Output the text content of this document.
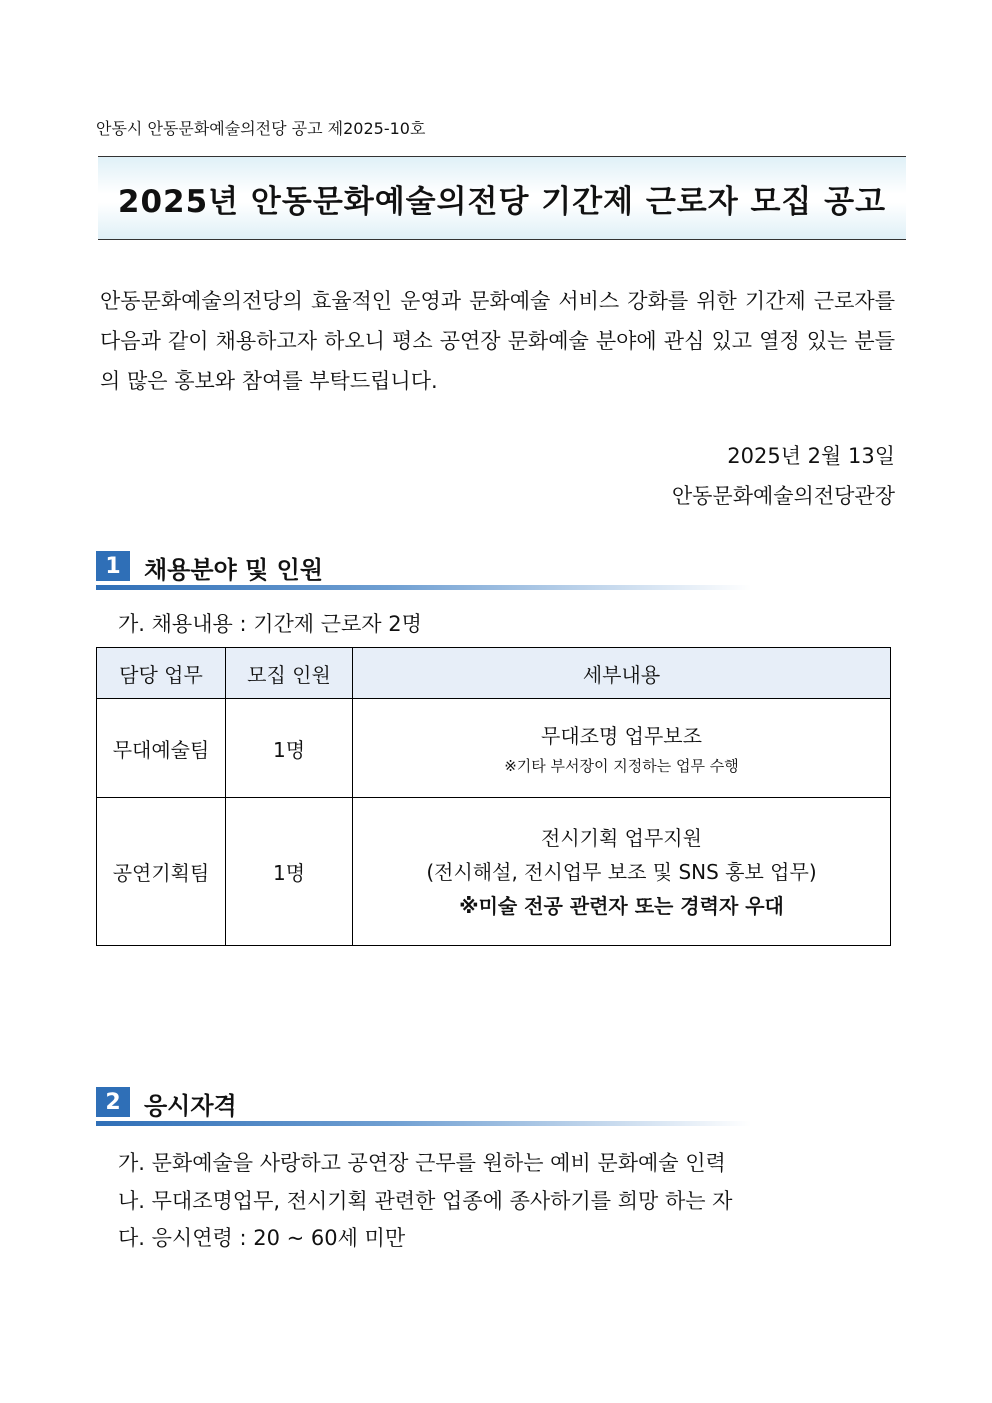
안동시 안동문화예술의전당 공고 제2025-10호
2025년 안동문화예술의전당 기간제 근로자 모집 공고
안동문화예술의전당의 효율적인 운영과 문화예술 서비스 강화를 위한 기간제 근로자를 다음과 같이 채용하고자 하오니 평소 공연장 문화예술 분야에 관심 있고 열정 있는 분들의 많은 홍보와 참여를 부탁드립니다.
2025년 2월 13일
안동문화예술의전당관장
1 채용분야 및 인원
가. 채용내용 : 기간제 근로자 2명
담당 업무	모집 인원	세부내용
무대예술팀	1명	무대조명 업무보조
※기타 부서장이 지정하는 업무 수행

공연기획팀	1명	전시기획 업무지원
(전시해설, 전시업무 보조 및 SNS 홍보 업무)
※미술 전공 관련자 또는 경력자 우대
2 응시자격
가. 문화예술을 사랑하고 공연장 근무를 원하는 예비 문화예술 인력
나. 무대조명업무, 전시기획 관련한 업종에 종사하기를 희망 하는 자
다. 응시연령 : 20 ~ 60세 미만
